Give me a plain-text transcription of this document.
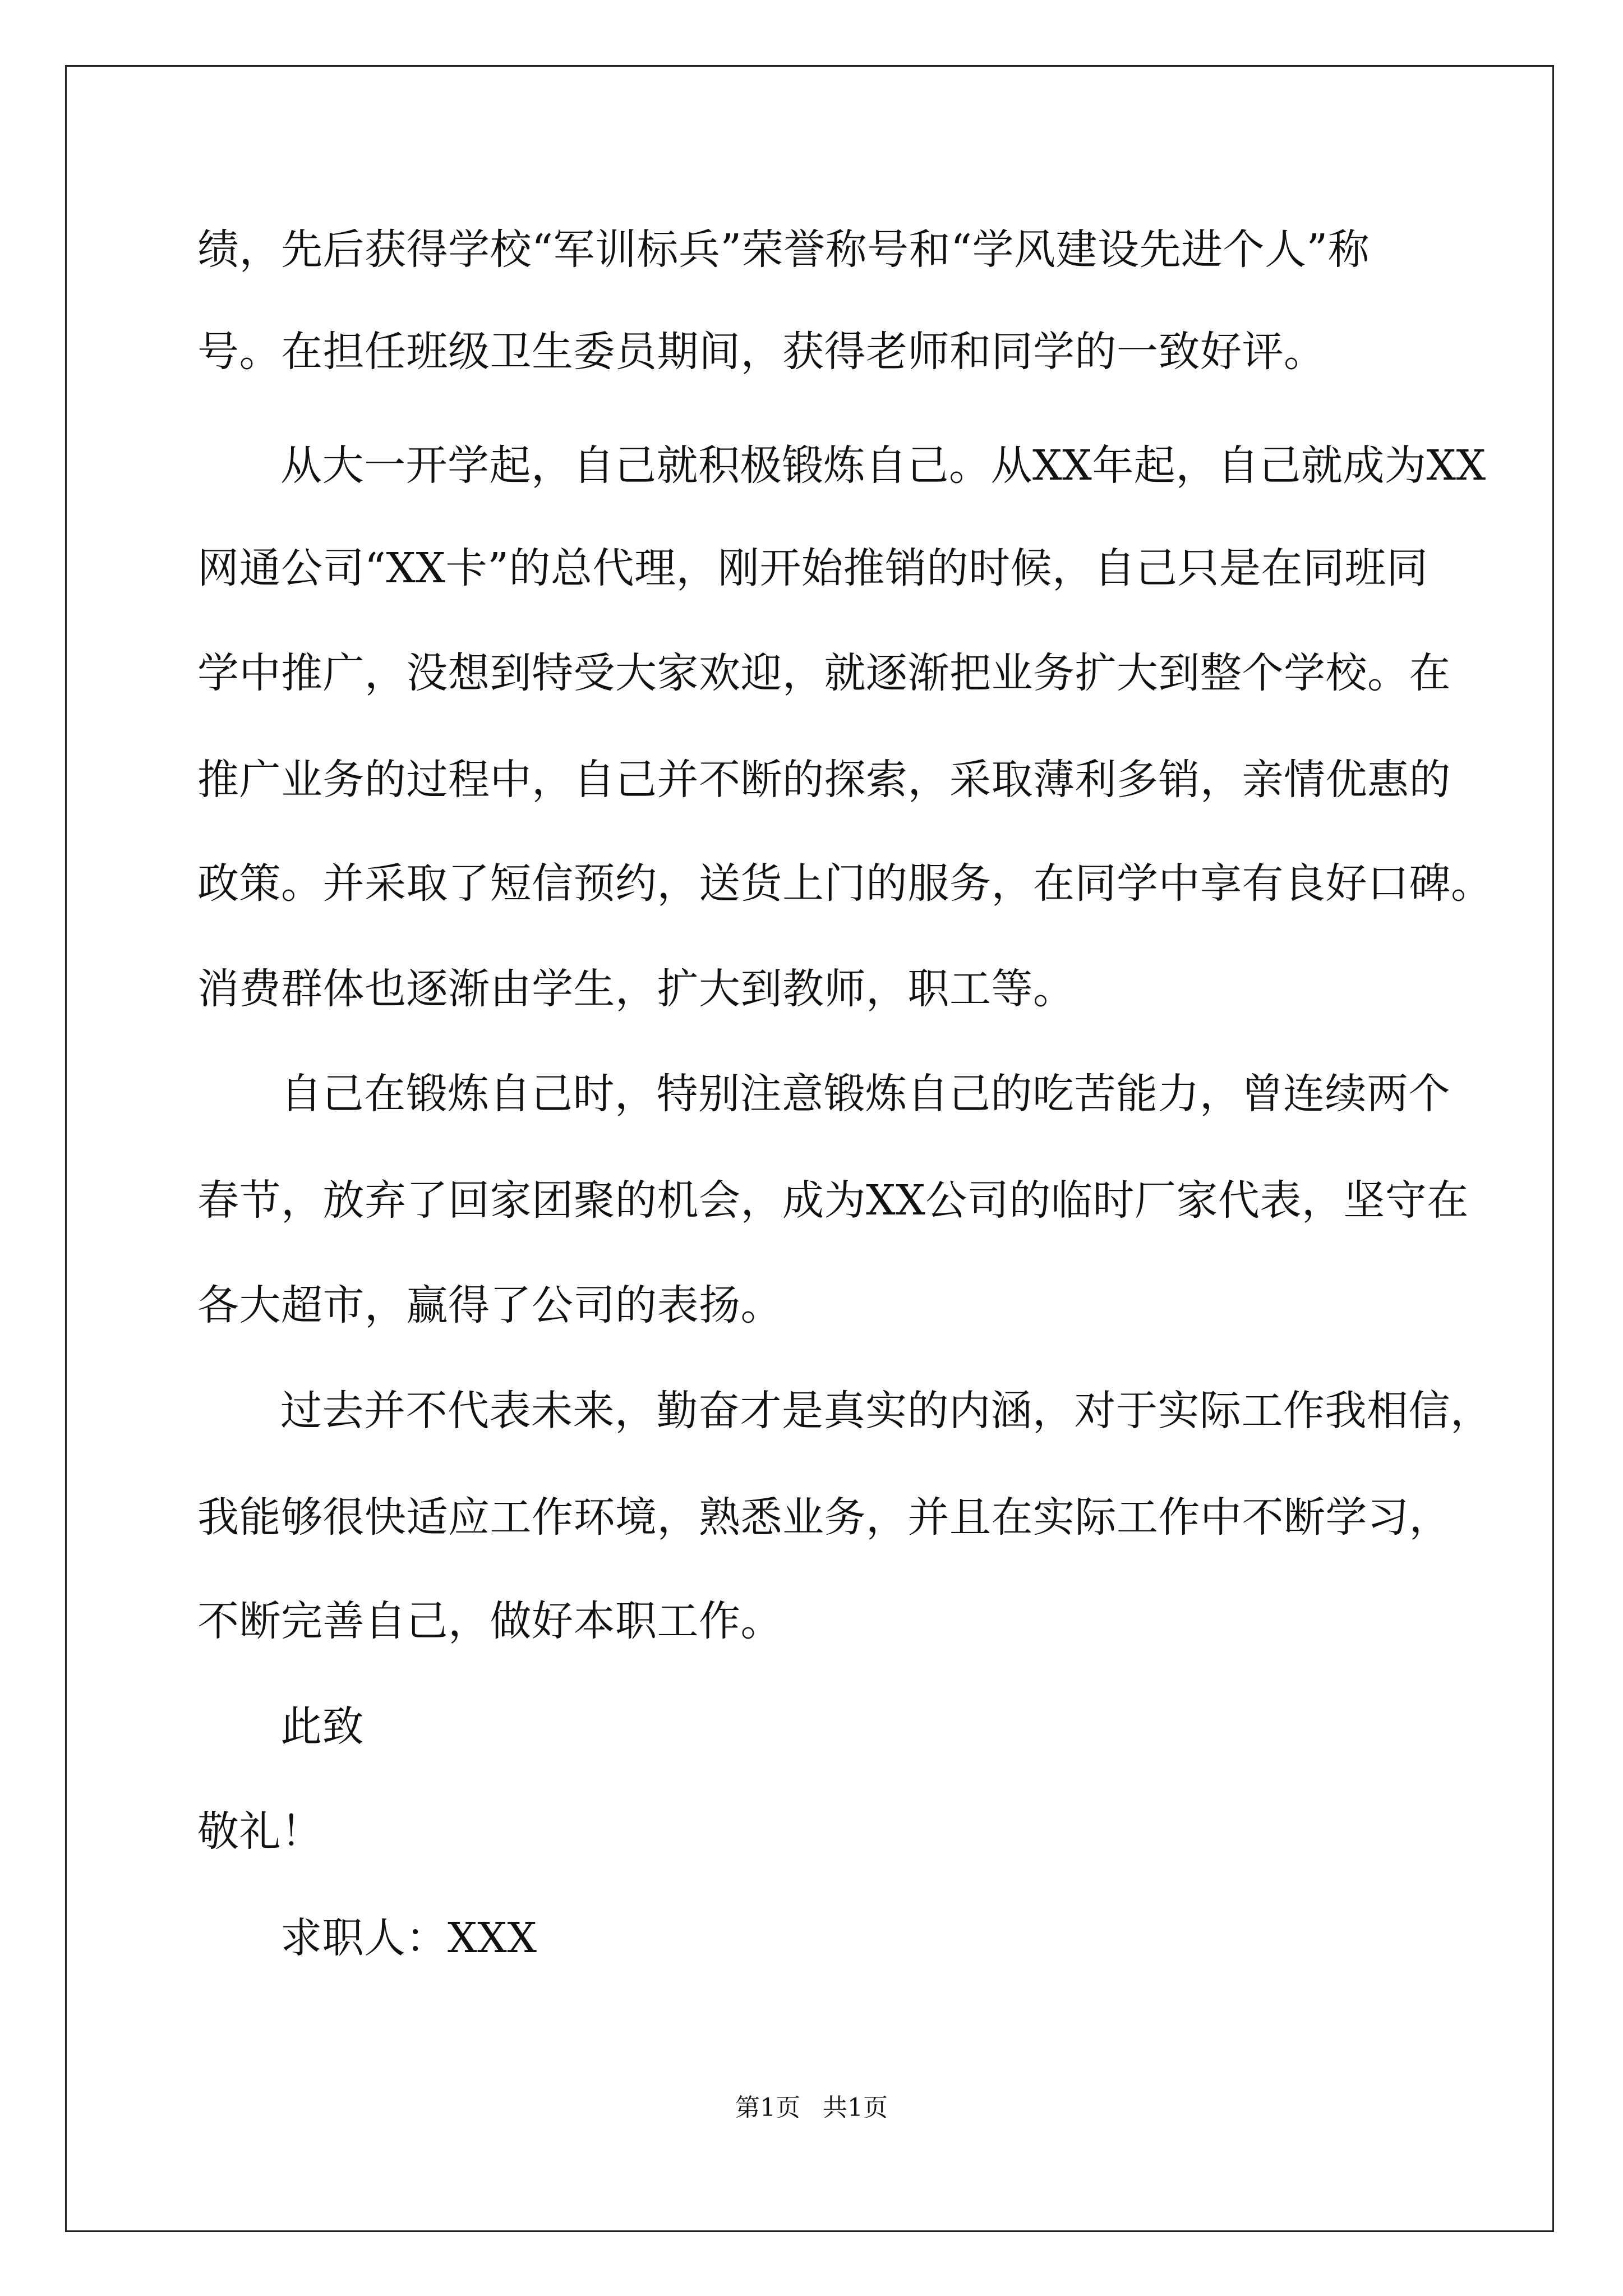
绩，先后获得学校“军训标兵”荣誉称号和“学风建设先进个人”称
号。在担任班级卫生委员期间，获得老师和同学的一致好评。
从大一开学起，自己就积极锻炼自己。从XX年起，自己就成为XX
网通公司“XX卡”的总代理，刚开始推销的时候，自己只是在同班同
学中推广，没想到特受大家欢迎，就逐渐把业务扩大到整个学校。在
推广业务的过程中，自己并不断的探索，采取薄利多销，亲情优惠的
政策。并采取了短信预约，送货上门的服务，在同学中享有良好口碑。
消费群体也逐渐由学生，扩大到教师，职工等。
自己在锻炼自己时，特别注意锻炼自己的吃苦能力，曾连续两个
春节，放弃了回家团聚的机会，成为XX公司的临时厂家代表，坚守在
各大超市，赢得了公司的表扬。
过去并不代表未来，勤奋才是真实的内涵，对于实际工作我相信，
我能够很快适应工作环境，熟悉业务，并且在实际工作中不断学习，
不断完善自己，做好本职工作。
此致
敬礼！
求职人：XXX
第1页 共1页
